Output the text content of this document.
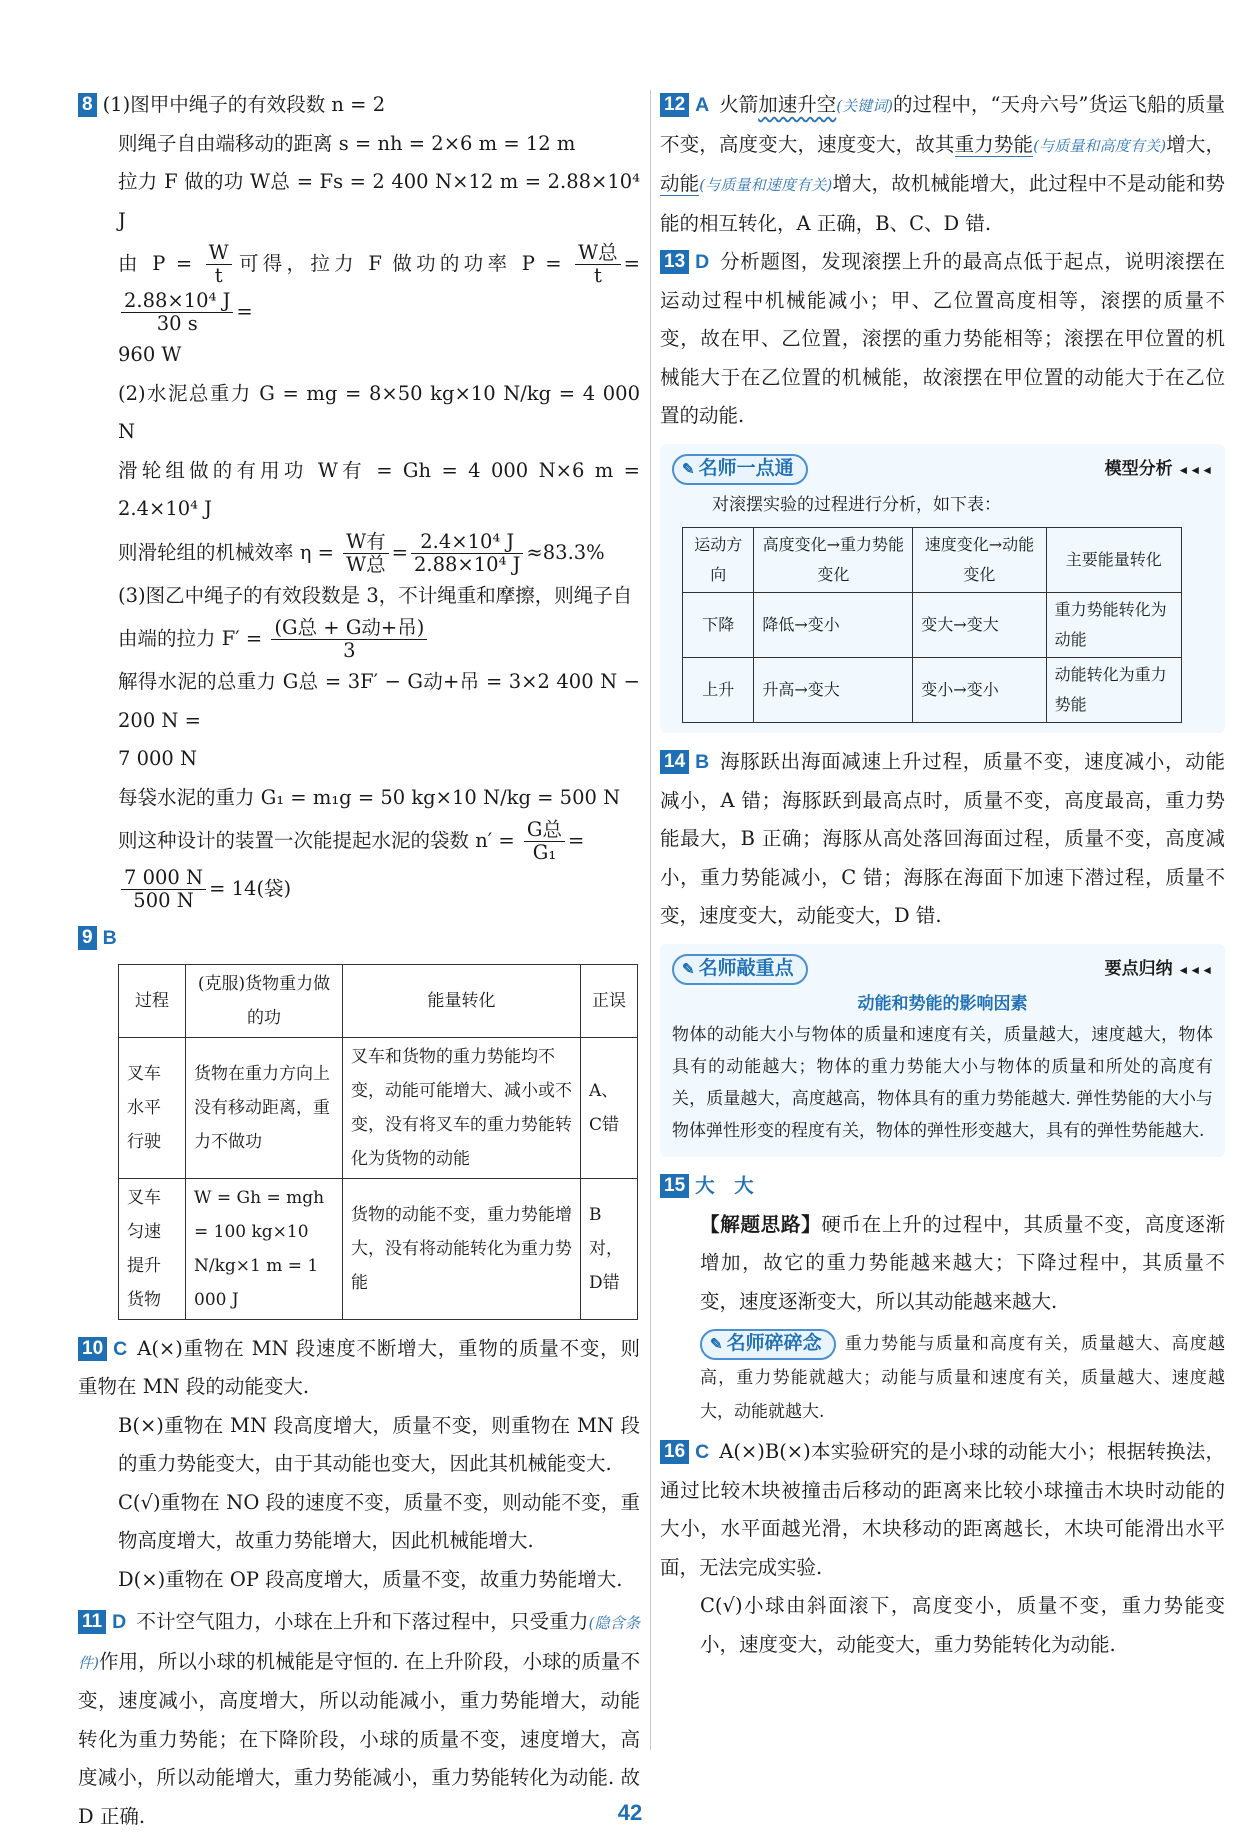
8 (1)图甲中绳子的有效段数 n = 2

则绳子自由端移动的距离 s = nh = 2×6 m = 12 m

拉力 F 做的功 W总 = Fs = 2 400 N×12 m = 2.88×10⁴ J

由 $P = \frac{W}{t}$ 可得，拉力 F 做功的功率 $P = \frac{\text{W总}}{t}$ =
$\frac{\text{2.88×10⁴ J}}{30 s}$ =

960 W

(2)水泥总重力 G = mg = 8×50 kg×10 N/kg = 4 000 N

滑轮组做的有用功 W有 = Gh = 4 000 N×6 m = 2.4×10⁴ J

则滑轮组的机械效率 $\eta = \frac{\text{W有}}{\text{W总}} = \frac{\text{2.4×10⁴ J}}{\text{2.88×10⁴ J}} \approx 83.3\%$

(3)图乙中绳子的有效段数是 3，不计绳重和摩擦，则绳子自

由端的拉力 $F' = \frac{\text{(G总 + G动+吊)}}{3}$

解得水泥的总重力 G总 = 3F′ − G动+吊 = 3×2 400 N − 200 N =

7 000 N

每袋水泥的重力 G₁ = m₁g = 50 kg×10 N/kg = 500 N

则这种设计的装置一次能提起水泥的袋数 $n' = \frac{\text{G总}}{\text{G₁}}$ =

$\frac{7 000 N}{500 N} = 14$(袋)

9 B

过程	(克服)货物重力做的功	能量转化	正误
叉车水平行驶	货物在重力方向上没有移动距离，重力不做功	叉车和货物的重力势能均不变，动能可能增大、减小或不变，没有将叉车的重力势能转化为货物的动能	A、C错
叉车匀速提升货物	W = Gh = mgh = 100 kg×10 N/kg×1 m = 1 000 J	货物的动能不变，重力势能增大，没有将动能转化为重力势能	B对，D错

10 C A(×)重物在 MN 段速度不断增大，重物的质量不变，则重物在 MN 段的动能变大.

B(×)重物在 MN 段高度增大，质量不变，则重物在 MN 段的重力势能变大，由于其动能也变大，因此其机械能变大.

C(√)重物在 NO 段的速度不变，质量不变，则动能不变，重物高度增大，故重力势能增大，因此机械能增大.

D(×)重物在 OP 段高度增大，质量不变，故重力势能增大.

11 D 不计空气阻力，小球在上升和下落过程中，只受重力(隐含条件)作用，所以小球的机械能是守恒的. 在上升阶段，小球的质量不变，速度减小，高度增大，所以动能减小，重力势能增大，动能转化为重力势能；在下降阶段，小球的质量不变，速度增大，高度减小，所以动能增大，重力势能减小，重力势能转化为动能. 故 D 正确.

12 A 火箭加速升空(关键词)的过程中，“天舟六号”货运飞船的质量不变，高度变大，速度变大，故其重力势能(与质量和高度有关)增大，动能(与质量和速度有关)增大，故机械能增大，此过程中不是动能和势能的相互转化，A 正确，B、C、D 错.

13 D 分析题图，发现滚摆上升的最高点低于起点，说明滚摆在运动过程中机械能减小；甲、乙位置高度相等，滚摆的质量不变，故在甲、乙位置，滚摆的重力势能相等；滚摆在甲位置的机械能大于在乙位置的机械能，故滚摆在甲位置的动能大于在乙位置的动能.

✎ 名师一点通	模型分析 ◄◄◄

对滚摆实验的过程进行分析，如下表：

运动方向	高度变化→重力势能变化	速度变化→动能变化	主要能量转化
下降	降低→变小	变大→变大	重力势能转化为动能
上升	升高→变大	变小→变小	动能转化为重力势能

14 B 海豚跃出海面减速上升过程，质量不变，速度减小，动能减小，A 错；海豚跃到最高点时，质量不变，高度最高，重力势能最大，B 正确；海豚从高处落回海面过程，质量不变，高度减小，重力势能减小，C 错；海豚在海面下加速下潜过程，质量不变，速度变大，动能变大，D 错.

✎ 名师敲重点	要点归纳 ◄◄◄

动能和势能的影响因素

物体的动能大小与物体的质量和速度有关，质量越大，速度越大，物体具有的动能越大；物体的重力势能大小与物体的质量和所处的高度有关，质量越大，高度越高，物体具有的重力势能越大. 弹性势能的大小与物体弹性形变的程度有关，物体的弹性形变越大，具有的弹性势能越大.

15 大　大

【解题思路】硬币在上升的过程中，其质量不变，高度逐渐增加，故它的重力势能越来越大；下降过程中，其质量不变，速度逐渐变大，所以其动能越来越大.

✎ 名师碎碎念 重力势能与质量和高度有关，质量越大、高度越高，重力势能就越大；动能与质量和速度有关，质量越大、速度越大，动能就越大.

16 C A(×)B(×)本实验研究的是小球的动能大小；根据转换法，通过比较木块被撞击后移动的距离来比较小球撞击木块时动能的大小，水平面越光滑，木块移动的距离越长，木块可能滑出水平面，无法完成实验.

C(√)小球由斜面滚下，高度变小，质量不变，重力势能变小，速度变大，动能变大，重力势能转化为动能.

42
